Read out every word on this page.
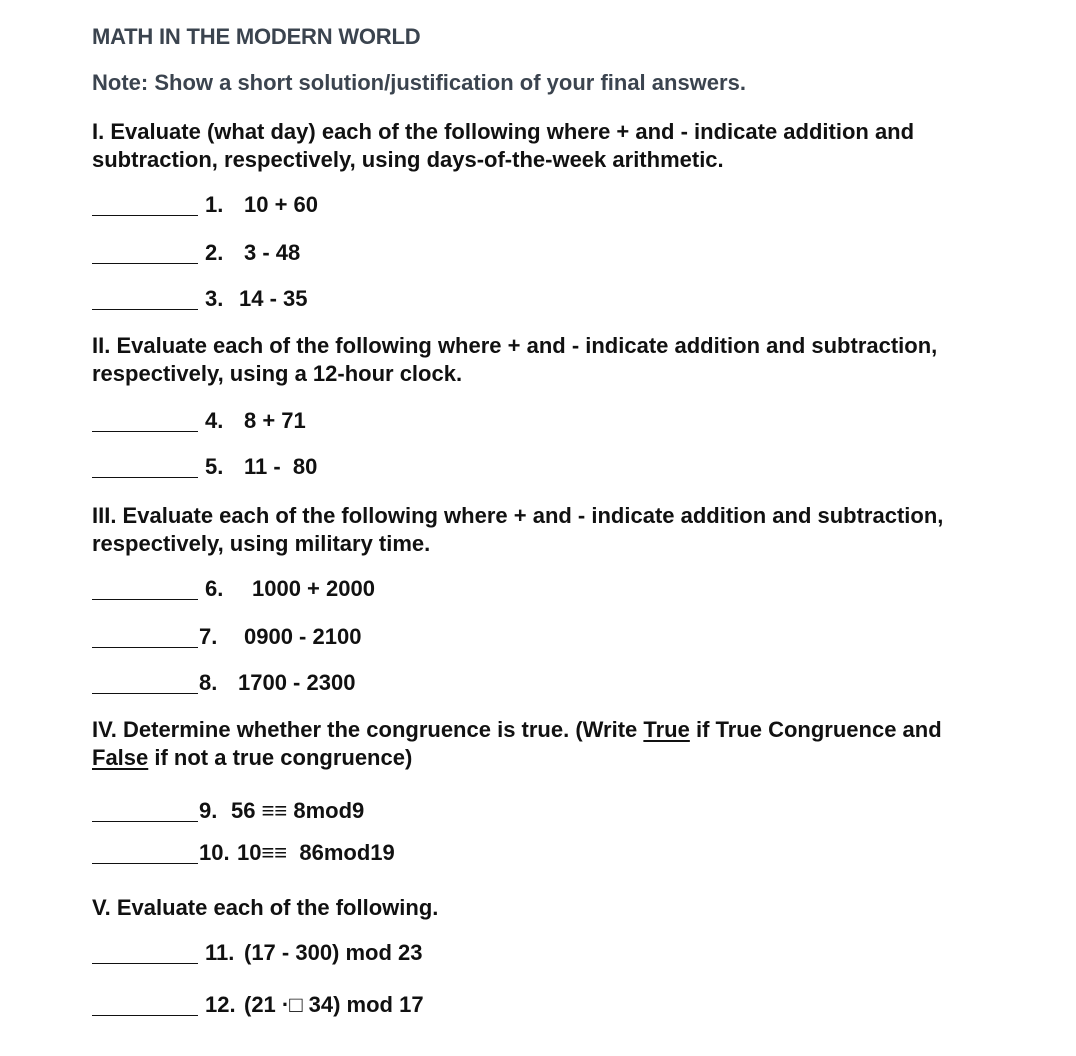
MATH IN THE MODERN WORLD
Note: Show a short solution/justification of your final answers.
I. Evaluate (what day) each of the following where + and - indicate addition and subtraction, respectively, using days-of-the-week arithmetic.
1. 10 + 60
2. 3 - 48
3. 14 - 35
II. Evaluate each of the following where + and - indicate addition and subtraction, respectively, using a 12-hour clock.
4. 8 + 71
5. 11 -  80
III. Evaluate each of the following where + and - indicate addition and subtraction, respectively, using military time.
6. 1000 + 2000
7. 0900 - 2100
8. 1700 - 2300
IV. Determine whether the congruence is true. (Write True if True Congruence and False if not a true congruence)
9. 56 ≡≡ 8mod9
10. 10≡≡  86mod19
V. Evaluate each of the following.
11. (17 - 300) mod 23
12. (21 ·□ 34) mod 17
